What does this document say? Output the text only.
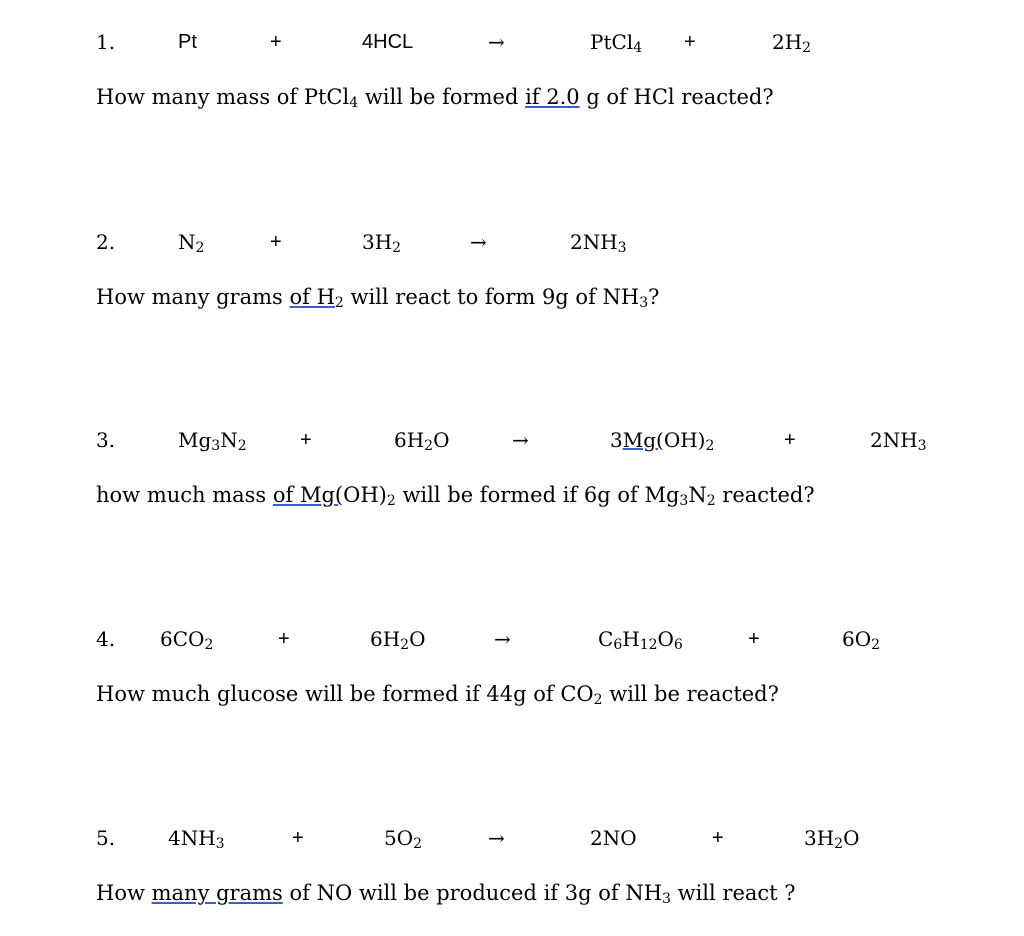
1.	Pt	+	4HCL	→	PtCl$_4$ +	$2H_2$
How many mass of PtCl$_4$ will be formed if 2.0 g of HCl reacted?
2.	$N_2$	+	$3H_2$	→	$2NH_3$
How many grams of $H_2$ will react to form 9g of $NH_3$?
3.	$Mg_3N_2$	+	$6H_2O$	→	$3Mg(OH)_2$	+	$2NH_3$
how much mass of $Mg(OH)_2$ will be formed if 6g of $Mg_3N_2$ reacted?
4. $6CO_2$	+	$6H_2O$	→	$C_6H_{12}O_6$	+	$6O_2$
How much glucose will be formed if 44g of $CO_2$ will be reacted?
5.	$4NH_3$	+	$5O_2$	→	2NO	+	$3H_2O$
How many grams of NO will be produced if 3g of $NH_3$ will react ?
